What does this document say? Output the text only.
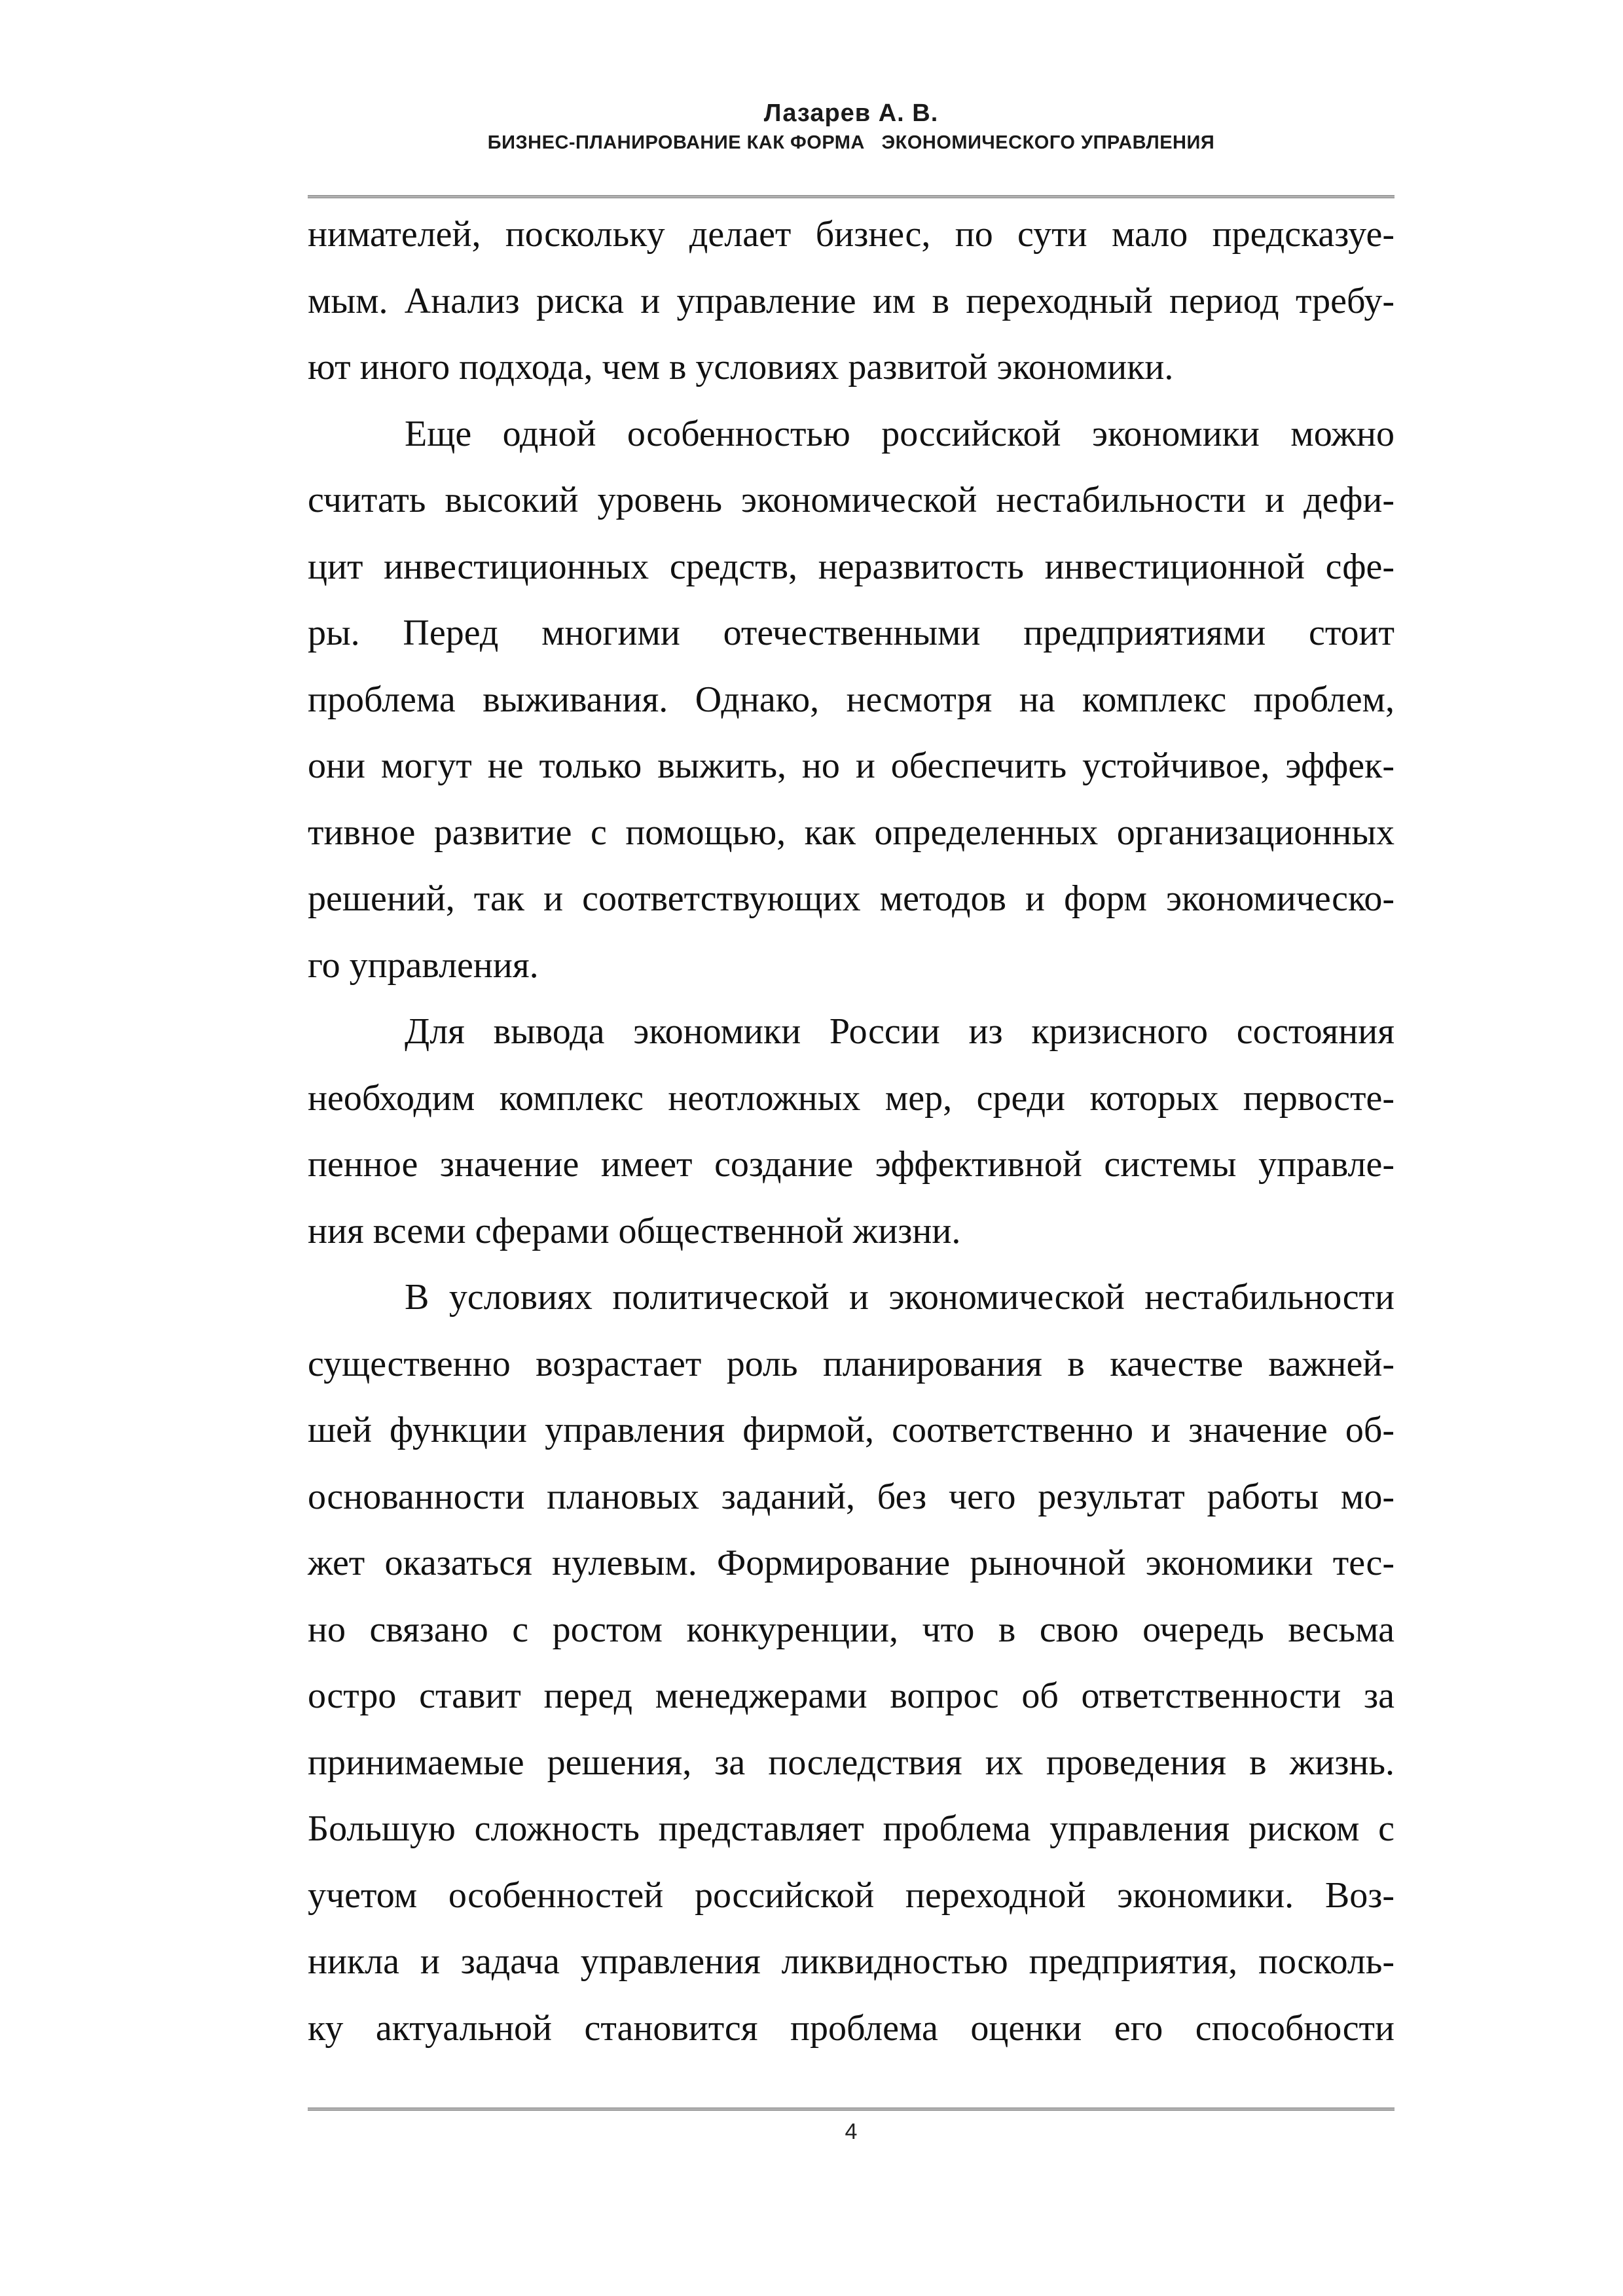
Лазарев А. В.
БИЗНЕС-ПЛАНИРОВАНИЕ КАК ФОРМА   ЭКОНОМИЧЕСКОГО УПРАВЛЕНИЯ
нимателей, поскольку делает бизнес, по сути мало предсказуе-
мым. Анализ риска и управление им в переходный период требу-
ют иного подхода, чем в условиях развитой экономики.
Еще одной особенностью российской экономики можно
считать высокий уровень экономической нестабильности и дефи-
цит инвестиционных средств, неразвитость инвестиционной сфе-
ры. Перед многими отечественными предприятиями стоит
проблема выживания. Однако, несмотря на комплекс проблем,
они могут не только выжить, но и обеспечить устойчивое, эффек-
тивное развитие с помощью, как определенных организационных
решений, так и соответствующих методов и форм экономическо-
го управления.
Для вывода экономики России из кризисного состояния
необходим комплекс неотложных мер, среди которых первосте-
пенное значение имеет создание эффективной системы управле-
ния всеми сферами общественной жизни.
В условиях политической и экономической нестабильности
существенно возрастает роль планирования в качестве важней-
шей функции управления фирмой, соответственно и значение об-
основанности плановых заданий, без чего результат работы мо-
жет оказаться нулевым. Формирование рыночной экономики тес-
но связано с ростом конкуренции, что в свою очередь весьма
остро ставит перед менеджерами вопрос об ответственности за
принимаемые решения, за последствия их проведения в жизнь.
Большую сложность представляет проблема управления риском с
учетом особенностей российской переходной экономики. Воз-
никла и задача управления ликвидностью предприятия, посколь-
ку актуальной становится проблема оценки его способности
4
